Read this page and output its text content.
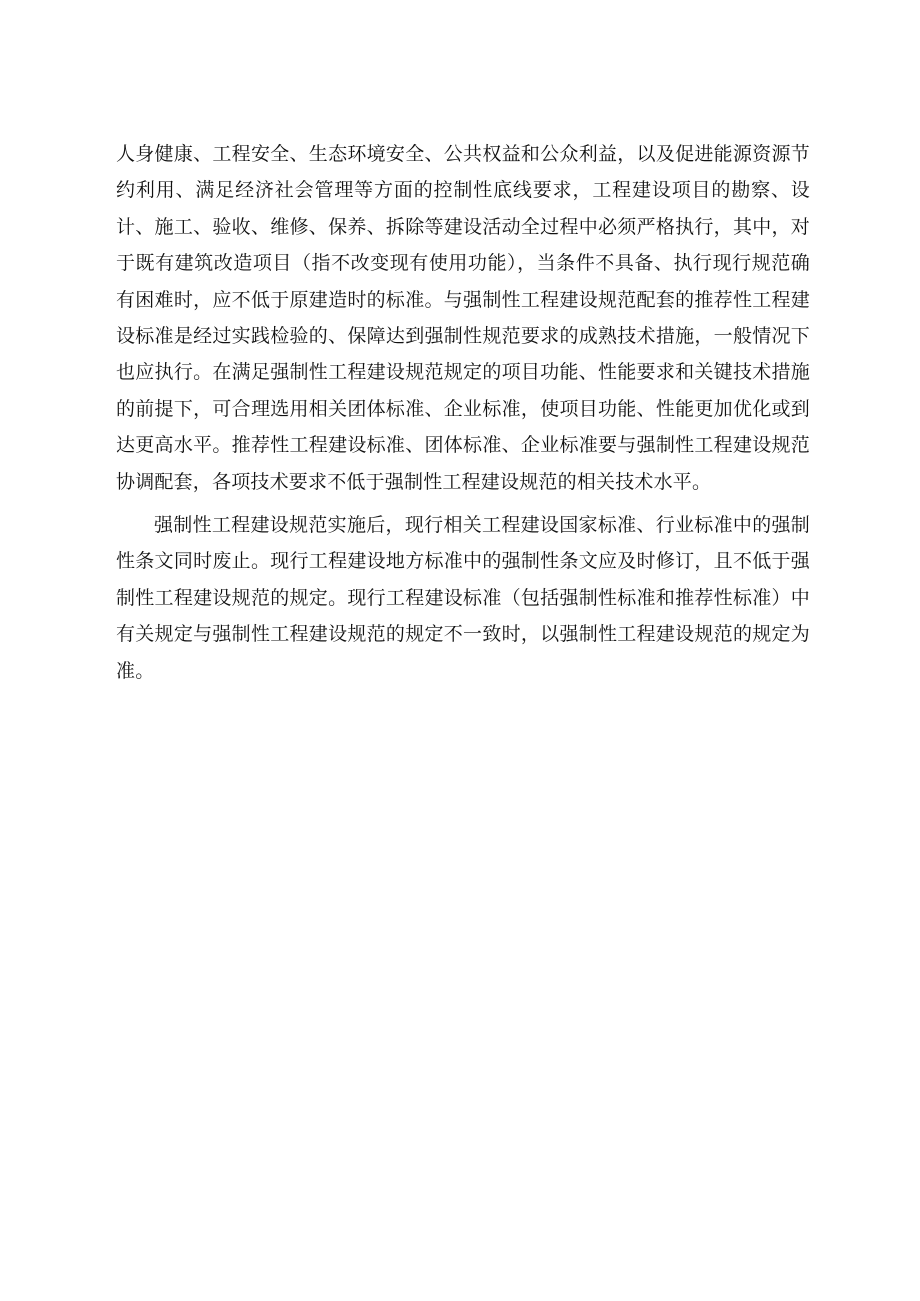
人身健康、工程安全、生态环境安全、公共权益和公众利益，以及促进能源资源节约利用、满足经济社会管理等方面的控制性底线要求，工程建设项目的勘察、设计、施工、验收、维修、保养、拆除等建设活动全过程中必须严格执行，其中，对于既有建筑改造项目（指不改变现有使用功能），当条件不具备、执行现行规范确有困难时，应不低于原建造时的标准。与强制性工程建设规范配套的推荐性工程建设标准是经过实践检验的、保障达到强制性规范要求的成熟技术措施，一般情况下也应执行。在满足强制性工程建设规范规定的项目功能、性能要求和关键技术措施的前提下，可合理选用相关团体标准、企业标准，使项目功能、性能更加优化或到达更高水平。推荐性工程建设标准、团体标准、企业标准要与强制性工程建设规范协调配套，各项技术要求不低于强制性工程建设规范的相关技术水平。

强制性工程建设规范实施后，现行相关工程建设国家标准、行业标准中的强制性条文同时废止。现行工程建设地方标准中的强制性条文应及时修订，且不低于强制性工程建设规范的规定。现行工程建设标准（包括强制性标准和推荐性标准）中有关规定与强制性工程建设规范的规定不一致时，以强制性工程建设规范的规定为准。
